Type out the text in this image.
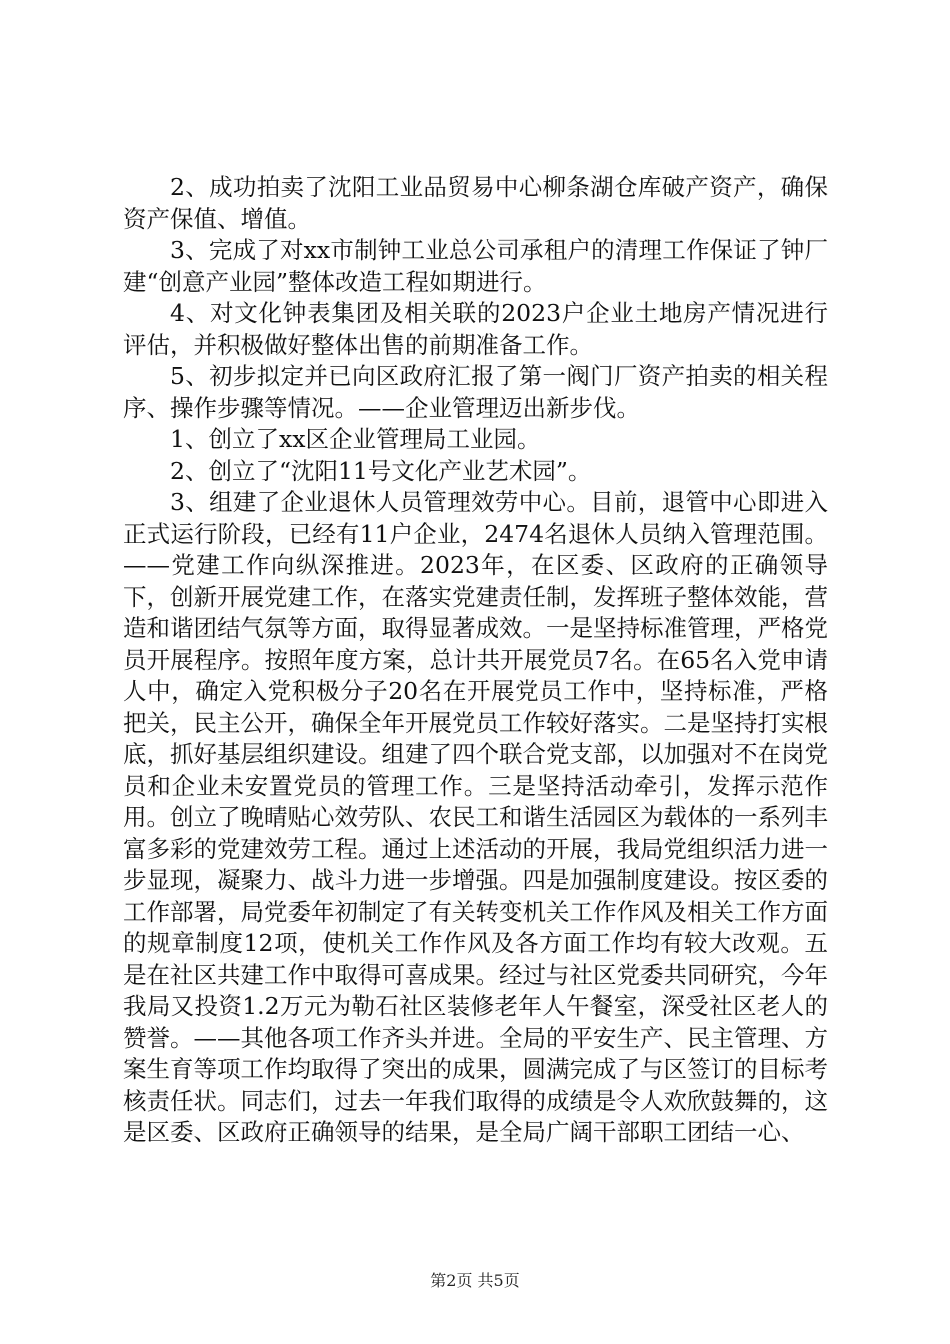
2、成功拍卖了沈阳工业品贸易中心柳条湖仓库破产资产，确保资产保值、增值。

3、完成了对xx市制钟工业总公司承租户的清理工作保证了钟厂建“创意产业园”整体改造工程如期进行。

4、对文化钟表集团及相关联的2023户企业土地房产情况进行评估，并积极做好整体出售的前期准备工作。

5、初步拟定并已向区政府汇报了第一阀门厂资产拍卖的相关程序、操作步骤等情况。——企业管理迈出新步伐。

1、创立了xx区企业管理局工业园。

2、创立了“沈阳11号文化产业艺术园”。

3、组建了企业退休人员管理效劳中心。目前，退管中心即进入正式运行阶段，已经有11户企业，2474名退休人员纳入管理范围。——党建工作向纵深推进。2023年，在区委、区政府的正确领导下，创新开展党建工作，在落实党建责任制，发挥班子整体效能，营造和谐团结气氛等方面，取得显著成效。一是坚持标准管理，严格党员开展程序。按照年度方案，总计共开展党员7名。在65名入党申请人中，确定入党积极分子20名在开展党员工作中，坚持标准，严格把关，民主公开，确保全年开展党员工作较好落实。二是坚持打实根底，抓好基层组织建设。组建了四个联合党支部，以加强对不在岗党员和企业未安置党员的管理工作。三是坚持活动牵引，发挥示范作用。创立了晚晴贴心效劳队、农民工和谐生活园区为载体的一系列丰富多彩的党建效劳工程。通过上述活动的开展，我局党组织活力进一步显现，凝聚力、战斗力进一步增强。四是加强制度建设。按区委的工作部署，局党委年初制定了有关转变机关工作作风及相关工作方面的规章制度12项，使机关工作作风及各方面工作均有较大改观。五是在社区共建工作中取得可喜成果。经过与社区党委共同研究，今年我局又投资1.2万元为勒石社区装修老年人午餐室，深受社区老人的赞誉。——其他各项工作齐头并进。全局的平安生产、民主管理、方案生育等项工作均取得了突出的成果，圆满完成了与区签订的目标考核责任状。同志们，过去一年我们取得的成绩是令人欢欣鼓舞的，这是区委、区政府正确领导的结果，是全局广阔干部职工团结一心、

第2页 共5页
